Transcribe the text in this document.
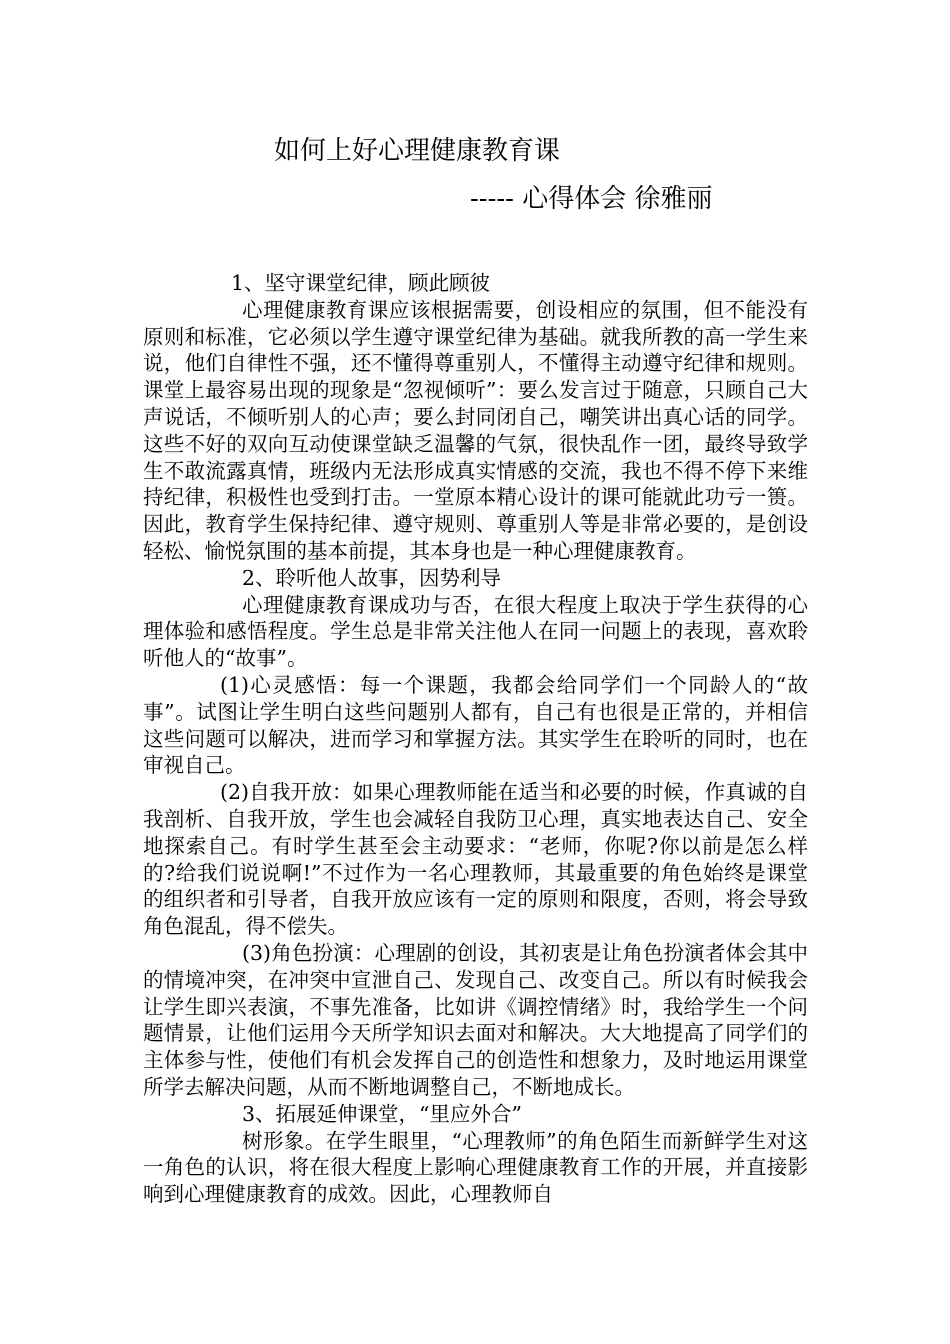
如何上好心理健康教育课
----- 心得体会 徐雅丽

1、坚守课堂纪律，顾此顾彼

心理健康教育课应该根据需要，创设相应的氛围，但不能没有原则和标准，它必须以学生遵守课堂纪律为基础。就我所教的高一学生来说，他们自律性不强，还不懂得尊重别人，不懂得主动遵守纪律和规则。课堂上最容易出现的现象是“忽视倾听”：要么发言过于随意，只顾自己大声说话，不倾听别人的心声；要么封同闭自己，嘲笑讲出真心话的同学。这些不好的双向互动使课堂缺乏温馨的气氛，很快乱作一团，最终导致学生不敢流露真情，班级内无法形成真实情感的交流，我也不得不停下来维持纪律，积极性也受到打击。一堂原本精心设计的课可能就此功亏一篑。因此，教育学生保持纪律、遵守规则、尊重别人等是非常必要的，是创设轻松、愉悦氛围的基本前提，其本身也是一种心理健康教育。

2、聆听他人故事，因势利导

心理健康教育课成功与否，在很大程度上取决于学生获得的心理体验和感悟程度。学生总是非常关注他人在同一问题上的表现，喜欢聆听他人的“故事”。

(1)心灵感悟：每一个课题，我都会给同学们一个同龄人的“故事”。试图让学生明白这些问题别人都有，自己有也很是正常的，并相信这些问题可以解决，进而学习和掌握方法。其实学生在聆听的同时，也在审视自己。

(2)自我开放：如果心理教师能在适当和必要的时候，作真诚的自我剖析、自我开放，学生也会减轻自我防卫心理，真实地表达自己、安全地探索自己。有时学生甚至会主动要求：“老师，你呢?你以前是怎么样的?给我们说说啊!”不过作为一名心理教师，其最重要的角色始终是课堂的组织者和引导者，自我开放应该有一定的原则和限度，否则，将会导致角色混乱，得不偿失。

(3)角色扮演：心理剧的创设，其初衷是让角色扮演者体会其中的情境冲突，在冲突中宣泄自己、发现自己、改变自己。所以有时候我会让学生即兴表演，不事先准备，比如讲《调控情绪》时，我给学生一个问题情景，让他们运用今天所学知识去面对和解决。大大地提高了同学们的主体参与性，使他们有机会发挥自己的创造性和想象力，及时地运用课堂所学去解决问题，从而不断地调整自己，不断地成长。

3、拓展延伸课堂，“里应外合”

树形象。在学生眼里，“心理教师”的角色陌生而新鲜学生对这一角色的认识，将在很大程度上影响心理健康教育工作的开展，并直接影响到心理健康教育的成效。因此，心理教师自
